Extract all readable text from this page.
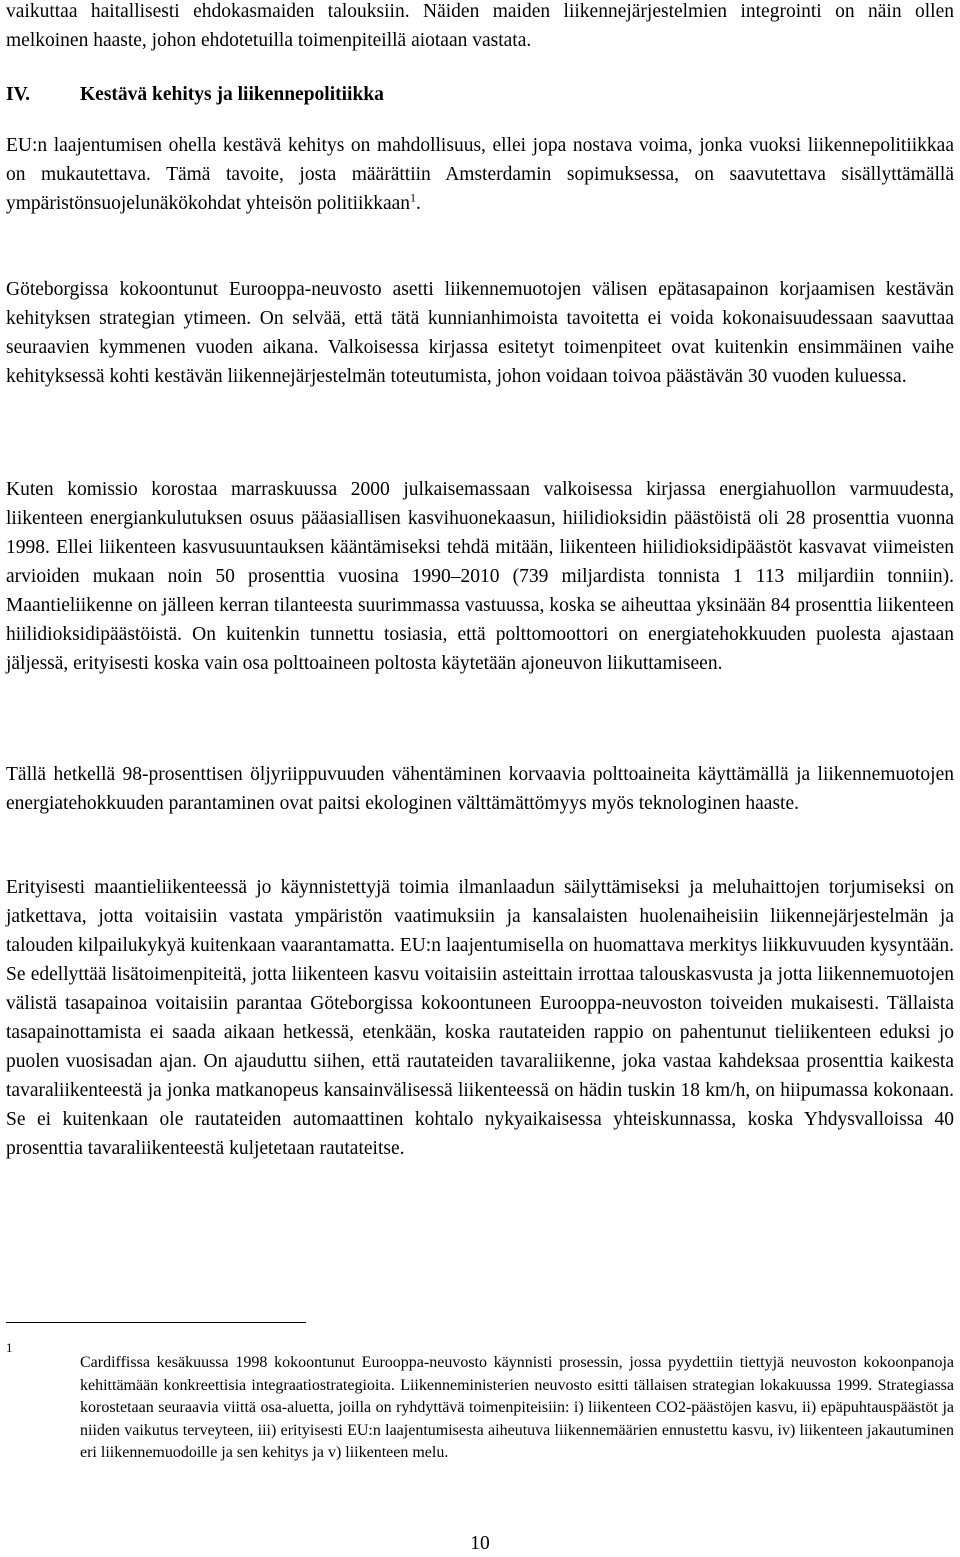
vaikuttaa haitallisesti ehdokasmaiden talouksiin. Näiden maiden liikennejärjestelmien integrointi on näin ollen melkoinen haaste, johon ehdotetuilla toimenpiteillä aiotaan vastata.

IV.	Kestävä kehitys ja liikennepolitiikka

EU:n laajentumisen ohella kestävä kehitys on mahdollisuus, ellei jopa nostava voima, jonka vuoksi liikennepolitiikkaa on mukautettava. Tämä tavoite, josta määrättiin Amsterdamin sopimuksessa, on saavutettava sisällyttämällä ympäristönsuojelunäkökohdat yhteisön politiikkaan$^1$.

Göteborgissa kokoontunut Eurooppa-neuvosto asetti liikennemuotojen välisen epätasapainon korjaamisen kestävän kehityksen strategian ytimeen. On selvää, että tätä kunnianhimoista tavoitetta ei voida kokonaisuudessaan saavuttaa seuraavien kymmenen vuoden aikana. Valkoisessa kirjassa esitetyt toimenpiteet ovat kuitenkin ensimmäinen vaihe kehityksessä kohti kestävän liikennejärjestelmän toteutumista, johon voidaan toivoa päästävän 30 vuoden kuluessa.

Kuten komissio korostaa marraskuussa 2000 julkaisemassaan valkoisessa kirjassa energiahuollon varmuudesta, liikenteen energiankulutuksen osuus pääasiallisen kasvihuonekaasun, hiilidioksidin päästöistä oli 28 prosenttia vuonna 1998. Ellei liikenteen kasvusuuntauksen kääntämiseksi tehdä mitään, liikenteen hiilidioksidipäästöt kasvavat viimeisten arvioiden mukaan noin 50 prosenttia vuosina 1990–2010 (739 miljardista tonnista 1 113 miljardiin tonniin). Maantieliikenne on jälleen kerran tilanteesta suurimmassa vastuussa, koska se aiheuttaa yksinään 84 prosenttia liikenteen hiilidioksidipäästöistä. On kuitenkin tunnettu tosiasia, että polttomoottori on energiatehokkuuden puolesta ajastaan jäljessä, erityisesti koska vain osa polttoaineen poltosta käytetään ajoneuvon liikuttamiseen.

Tällä hetkellä 98-prosenttisen öljyriippuvuuden vähentäminen korvaavia polttoaineita käyttämällä ja liikennemuotojen energiatehokkuuden parantaminen ovat paitsi ekologinen välttämättömyys myös teknologinen haaste.

Erityisesti maantieliikenteessä jo käynnistettyjä toimia ilmanlaadun säilyttämiseksi ja meluhaittojen torjumiseksi on jatkettava, jotta voitaisiin vastata ympäristön vaatimuksiin ja kansalaisten huolenaiheisiin liikennejärjestelmän ja talouden kilpailukykyä kuitenkaan vaarantamatta. EU:n laajentumisella on huomattava merkitys liikkuvuuden kysyntään. Se edellyttää lisätoimenpiteitä, jotta liikenteen kasvu voitaisiin asteittain irrottaa talouskasvusta ja jotta liikennemuotojen välistä tasapainoa voitaisiin parantaa Göteborgissa kokoontuneen Eurooppa-neuvoston toiveiden mukaisesti. Tällaista tasapainottamista ei saada aikaan hetkessä, etenkään, koska rautateiden rappio on pahentunut tieliikenteen eduksi jo puolen vuosisadan ajan. On ajauduttu siihen, että rautateiden tavaraliikenne, joka vastaa kahdeksaa prosenttia kaikesta tavaraliikenteestä ja jonka matkanopeus kansainvälisessä liikenteessä on hädin tuskin 18 km/h, on hiipumassa kokonaan. Se ei kuitenkaan ole rautateiden automaattinen kohtalo nykyaikaisessa yhteiskunnassa, koska Yhdysvalloissa 40 prosenttia tavaraliikenteestä kuljetetaan rautateitse.

1

Cardiffissa kesäkuussa 1998 kokoontunut Eurooppa-neuvosto käynnisti prosessin, jossa pyydettiin tiettyjä neuvoston kokoonpanoja kehittämään konkreettisia integraatiostrategioita. Liikenneministerien neuvosto esitti tällaisen strategian lokakuussa 1999. Strategiassa korostetaan seuraavia viittä osa-aluetta, joilla on ryhdyttävä toimenpiteisiin: i) liikenteen CO2-päästöjen kasvu, ii) epäpuhtauspäästöt ja niiden vaikutus terveyteen, iii) erityisesti EU:n laajentumisesta aiheutuva liikennemäärien ennustettu kasvu, iv) liikenteen jakautuminen eri liikennemuodoille ja sen kehitys ja v) liikenteen melu.

10
